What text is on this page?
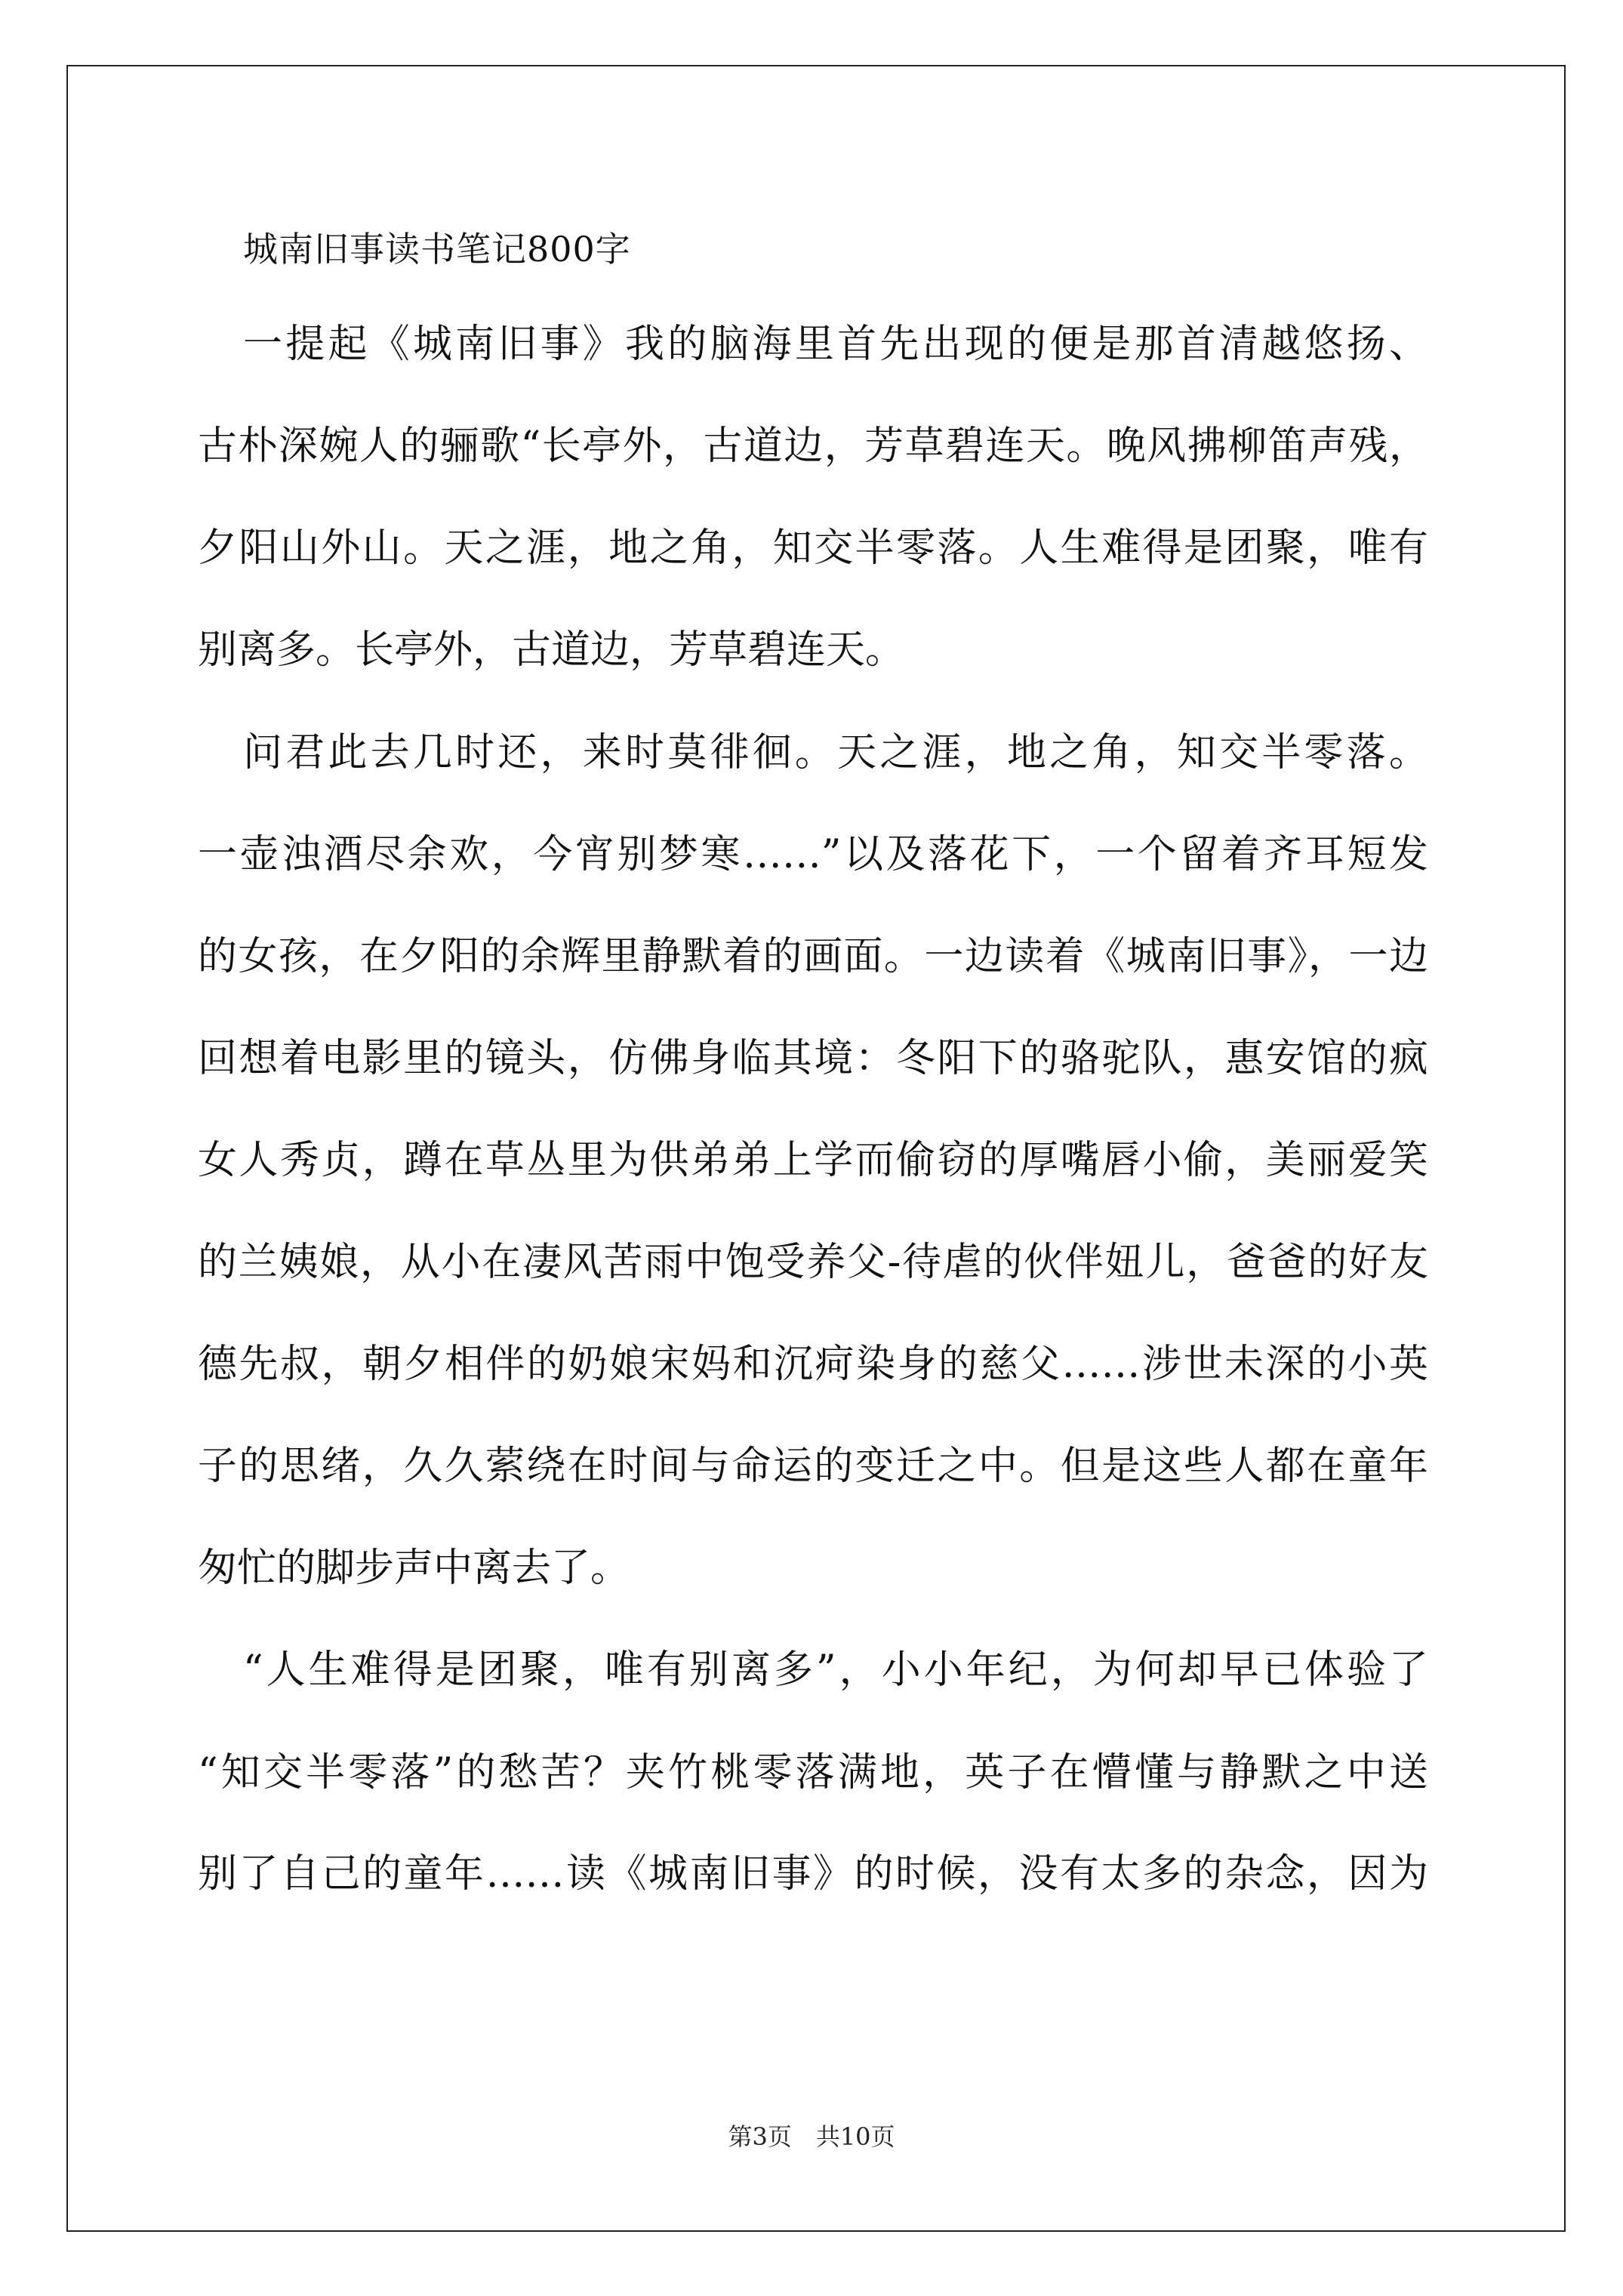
城南旧事读书笔记800字
一提起《城南旧事》我的脑海里首先出现的便是那首清越悠扬、
古朴深婉人的骊歌“长亭外，古道边，芳草碧连天。晚风拂柳笛声残，
夕阳山外山。天之涯，地之角，知交半零落。人生难得是团聚，唯有
别离多。长亭外，古道边，芳草碧连天。
问君此去几时还，来时莫徘徊。天之涯，地之角，知交半零落。
一壶浊酒尽余欢，今宵别梦寒……”以及落花下，一个留着齐耳短发
的女孩，在夕阳的余辉里静默着的画面。一边读着《城南旧事》，一边
回想着电影里的镜头，仿佛身临其境：冬阳下的骆驼队，惠安馆的疯
女人秀贞，蹲在草丛里为供弟弟上学而偷窃的厚嘴唇小偷，美丽爱笑
的兰姨娘，从小在凄风苦雨中饱受养父-待虐的伙伴妞儿，爸爸的好友
德先叔，朝夕相伴的奶娘宋妈和沉疴染身的慈父……涉世未深的小英
子的思绪，久久萦绕在时间与命运的变迁之中。但是这些人都在童年
匆忙的脚步声中离去了。
“人生难得是团聚，唯有别离多”，小小年纪，为何却早已体验了
“知交半零落”的愁苦？夹竹桃零落满地，英子在懵懂与静默之中送
别了自己的童年……读《城南旧事》的时候，没有太多的杂念，因为
第3页　共10页
